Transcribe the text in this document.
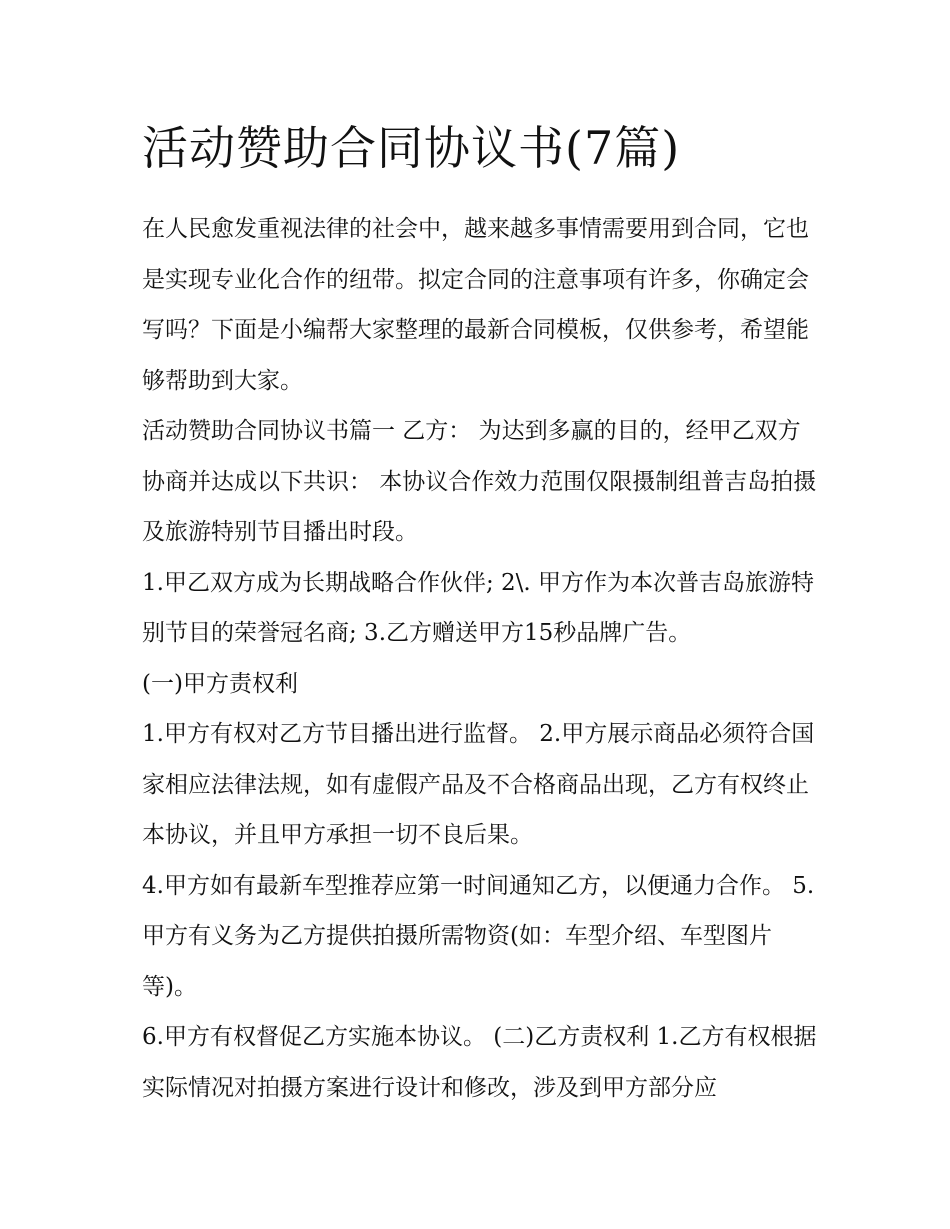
活动赞助合同协议书(7篇)

在人民愈发重视法律的社会中，越来越多事情需要用到合同，它也是实现专业化合作的纽带。拟定合同的注意事项有许多，你确定会写吗？下面是小编帮大家整理的最新合同模板，仅供参考，希望能够帮助到大家。

活动赞助合同协议书篇一 乙方： 为达到多赢的目的，经甲乙双方协商并达成以下共识： 本协议合作效力范围仅限摄制组普吉岛拍摄及旅游特别节目播出时段。

1.甲乙双方成为长期战略合作伙伴; 2\. 甲方作为本次普吉岛旅游特别节目的荣誉冠名商; 3.乙方赠送甲方15秒品牌广告。

(一)甲方责权利

1.甲方有权对乙方节目播出进行监督。 2.甲方展示商品必须符合国家相应法律法规，如有虚假产品及不合格商品出现，乙方有权终止本协议，并且甲方承担一切不良后果。

4.甲方如有最新车型推荐应第一时间通知乙方，以便通力合作。 5.甲方有义务为乙方提供拍摄所需物资(如：车型介绍、车型图片等)。

6.甲方有权督促乙方实施本协议。 (二)乙方责权利 1.乙方有权根据实际情况对拍摄方案进行设计和修改，涉及到甲方部分应
